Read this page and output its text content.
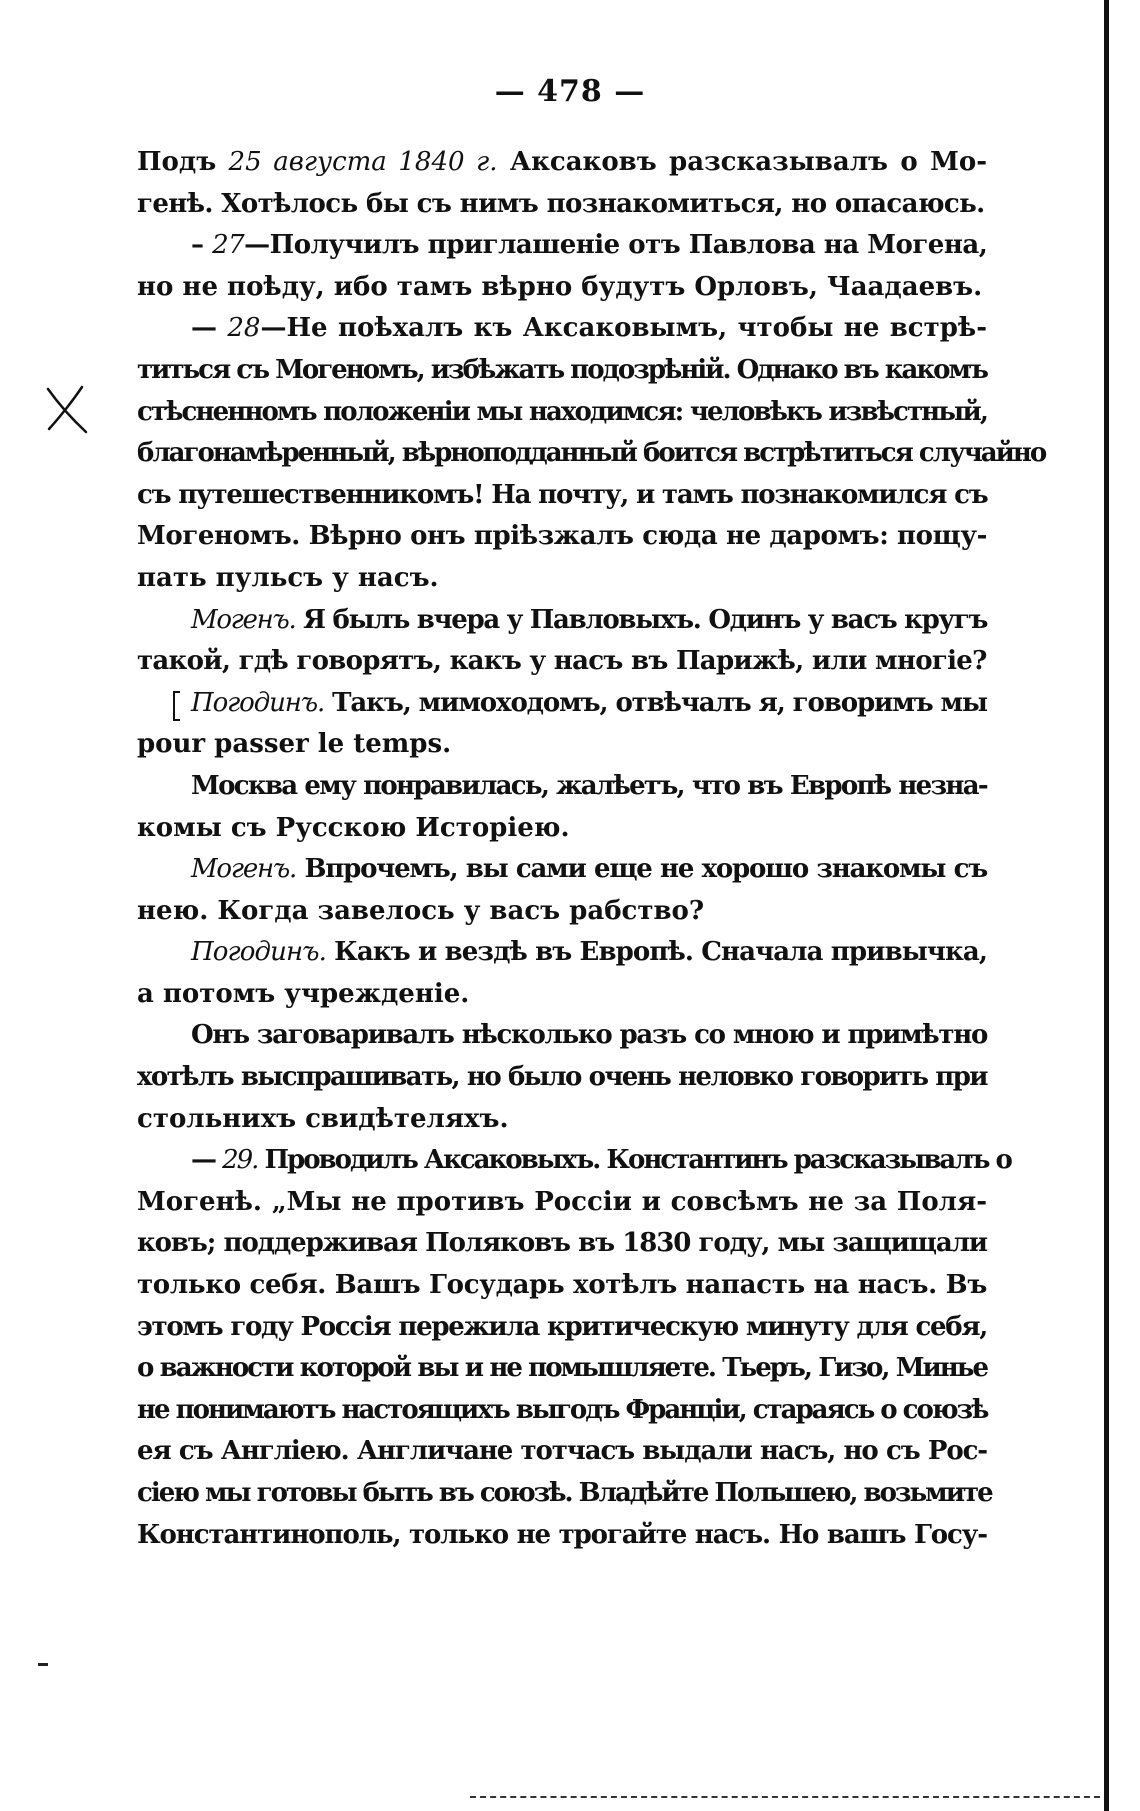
— 478 —
Подъ 25 августа 1840 г. Аксаковъ разсказывалъ о Мо-
генѣ. Хотѣлось бы съ нимъ познакомиться, но опасаюсь.
– 27—Получилъ приглашеніе отъ Павлова на Могена,
но не поѣду, ибо тамъ вѣрно будутъ Орловъ, Чаадаевъ.
— 28—Не поѣхалъ къ Аксаковымъ, чтобы не встрѣ-
титься съ Могеномъ, избѣжать подозрѣній. Однако въ какомъ
стѣсненномъ положеніи мы находимся: человѣкъ извѣстный,
благонамѣренный, вѣрноподданный боится встрѣтиться случайно
съ путешественникомъ! На почту, и тамъ познакомился съ
Могеномъ. Вѣрно онъ пріѣзжалъ сюда не даромъ: пощу-
пать пульсъ у насъ.
Могенъ. Я былъ вчера у Павловыхъ. Одинъ у васъ кругъ
такой, гдѣ говорятъ, какъ у насъ въ Парижѣ, или многіе?
Погодинъ. Такъ, мимоходомъ, отвѣчалъ я, говоримъ мы
pour passer le temps.
Москва ему понравилась, жалѣетъ, что въ Европѣ незна-
комы съ Русскою Исторіею.
Могенъ. Впрочемъ, вы сами еще не хорошо знакомы съ
нею. Когда завелось у васъ рабство?
Погодинъ. Какъ и вездѣ въ Европѣ. Сначала привычка,
а потомъ учрежденіе.
Онъ заговаривалъ нѣсколько разъ со мною и примѣтно
хотѣлъ выспрашивать, но было очень неловко говорить при
стольнихъ свидѣтеляхъ.
— 29. Проводилъ Аксаковыхъ. Константинъ разсказывалъ о
Могенѣ. „Мы не противъ Россіи и совсѣмъ не за Поля-
ковъ; поддерживая Поляковъ въ 1830 году, мы защищали
только себя. Вашъ Государь хотѣлъ напасть на насъ. Въ
этомъ году Россія пережила критическую минуту для себя,
о важности которой вы и не помышляете. Тьеръ, Гизо, Минье
не понимаютъ настоящихъ выгодъ Франціи, стараясь о союзѣ
ея съ Англіею. Англичане тотчасъ выдали насъ, но съ Рос-
сіею мы готовы быть въ союзѣ. Владѣйте Польшею, возьмите
Константинополь, только не трогайте насъ. Но вашъ Госу-
